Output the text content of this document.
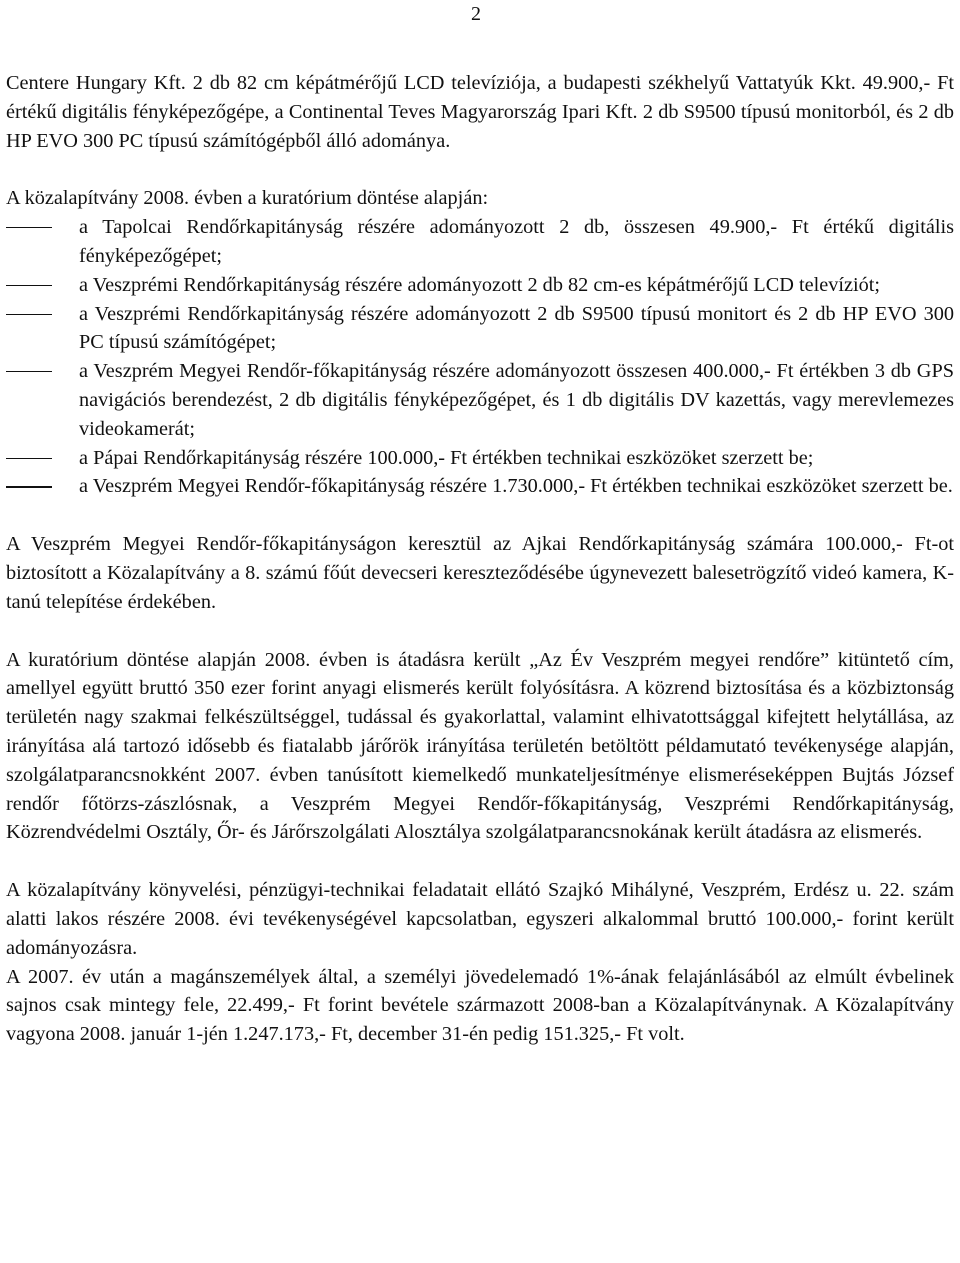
2

Centere Hungary Kft. 2 db 82 cm képátmérőjű LCD televíziója, a budapesti székhelyű Vattatyúk Kkt. 49.900,- Ft értékű digitális fényképezőgépe, a Continental Teves Magyarország Ipari Kft. 2 db S9500 típusú monitorból, és 2 db HP EVO 300 PC típusú számítógépből álló adománya.

A közalapítvány 2008. évben a kuratórium döntése alapján:

a Tapolcai Rendőrkapitányság részére adományozott 2 db, összesen 49.900,- Ft értékű digitális fényképezőgépet;
a Veszprémi Rendőrkapitányság részére adományozott 2 db 82 cm-es képátmérőjű LCD televíziót;
a Veszprémi Rendőrkapitányság részére adományozott 2 db S9500 típusú monitort és 2 db HP EVO 300 PC típusú számítógépet;
a Veszprém Megyei Rendőr-főkapitányság részére adományozott összesen 400.000,- Ft értékben 3 db GPS navigációs berendezést, 2 db digitális fényképezőgépet, és 1 db digitális DV kazettás, vagy merevlemezes videokamerát;
a Pápai Rendőrkapitányság részére 100.000,- Ft értékben technikai eszközöket szerzett be;
a Veszprém Megyei Rendőr-főkapitányság részére 1.730.000,- Ft értékben technikai eszközöket szerzett be.

A Veszprém Megyei Rendőr-főkapitányságon keresztül az Ajkai Rendőrkapitányság számára 100.000,- Ft-ot biztosított a Közalapítvány a 8. számú főút devecseri kereszteződésébe úgynevezett balesetrögzítő videó kamera, K-tanú telepítése érdekében.

A kuratórium döntése alapján 2008. évben is átadásra került „Az Év Veszprém megyei rendőre” kitüntető cím, amellyel együtt bruttó 350 ezer forint anyagi elismerés került folyósításra. A közrend biztosítása és a közbiztonság területén nagy szakmai felkészültséggel, tudással és gyakorlattal, valamint elhivatottsággal kifejtett helytállása, az irányítása alá tartozó idősebb és fiatalabb járőrök irányítása területén betöltött példamutató tevékenysége alapján, szolgálatparancsnokként 2007. évben tanúsított kiemelkedő munkateljesítménye elismeréseképpen Bujtás József rendőr főtörzs-zászlósnak, a Veszprém Megyei Rendőr-főkapitányság, Veszprémi Rendőrkapitányság, Közrendvédelmi Osztály, Őr- és Járőrszolgálati Alosztálya szolgálatparancsnokának került átadásra az elismerés.

A közalapítvány könyvelési, pénzügyi-technikai feladatait ellátó Szajkó Mihályné, Veszprém, Erdész u. 22. szám alatti lakos részére 2008. évi tevékenységével kapcsolatban, egyszeri alkalommal bruttó 100.000,- forint került adományozásra.

A 2007. év után a magánszemélyek által, a személyi jövedelemadó 1%-ának felajánlásából az elmúlt évbelinek sajnos csak mintegy fele, 22.499,- Ft forint bevétele származott 2008-ban a Közalapítványnak. A Közalapítvány vagyona 2008. január 1-jén 1.247.173,- Ft, december 31-én pedig 151.325,- Ft volt.
